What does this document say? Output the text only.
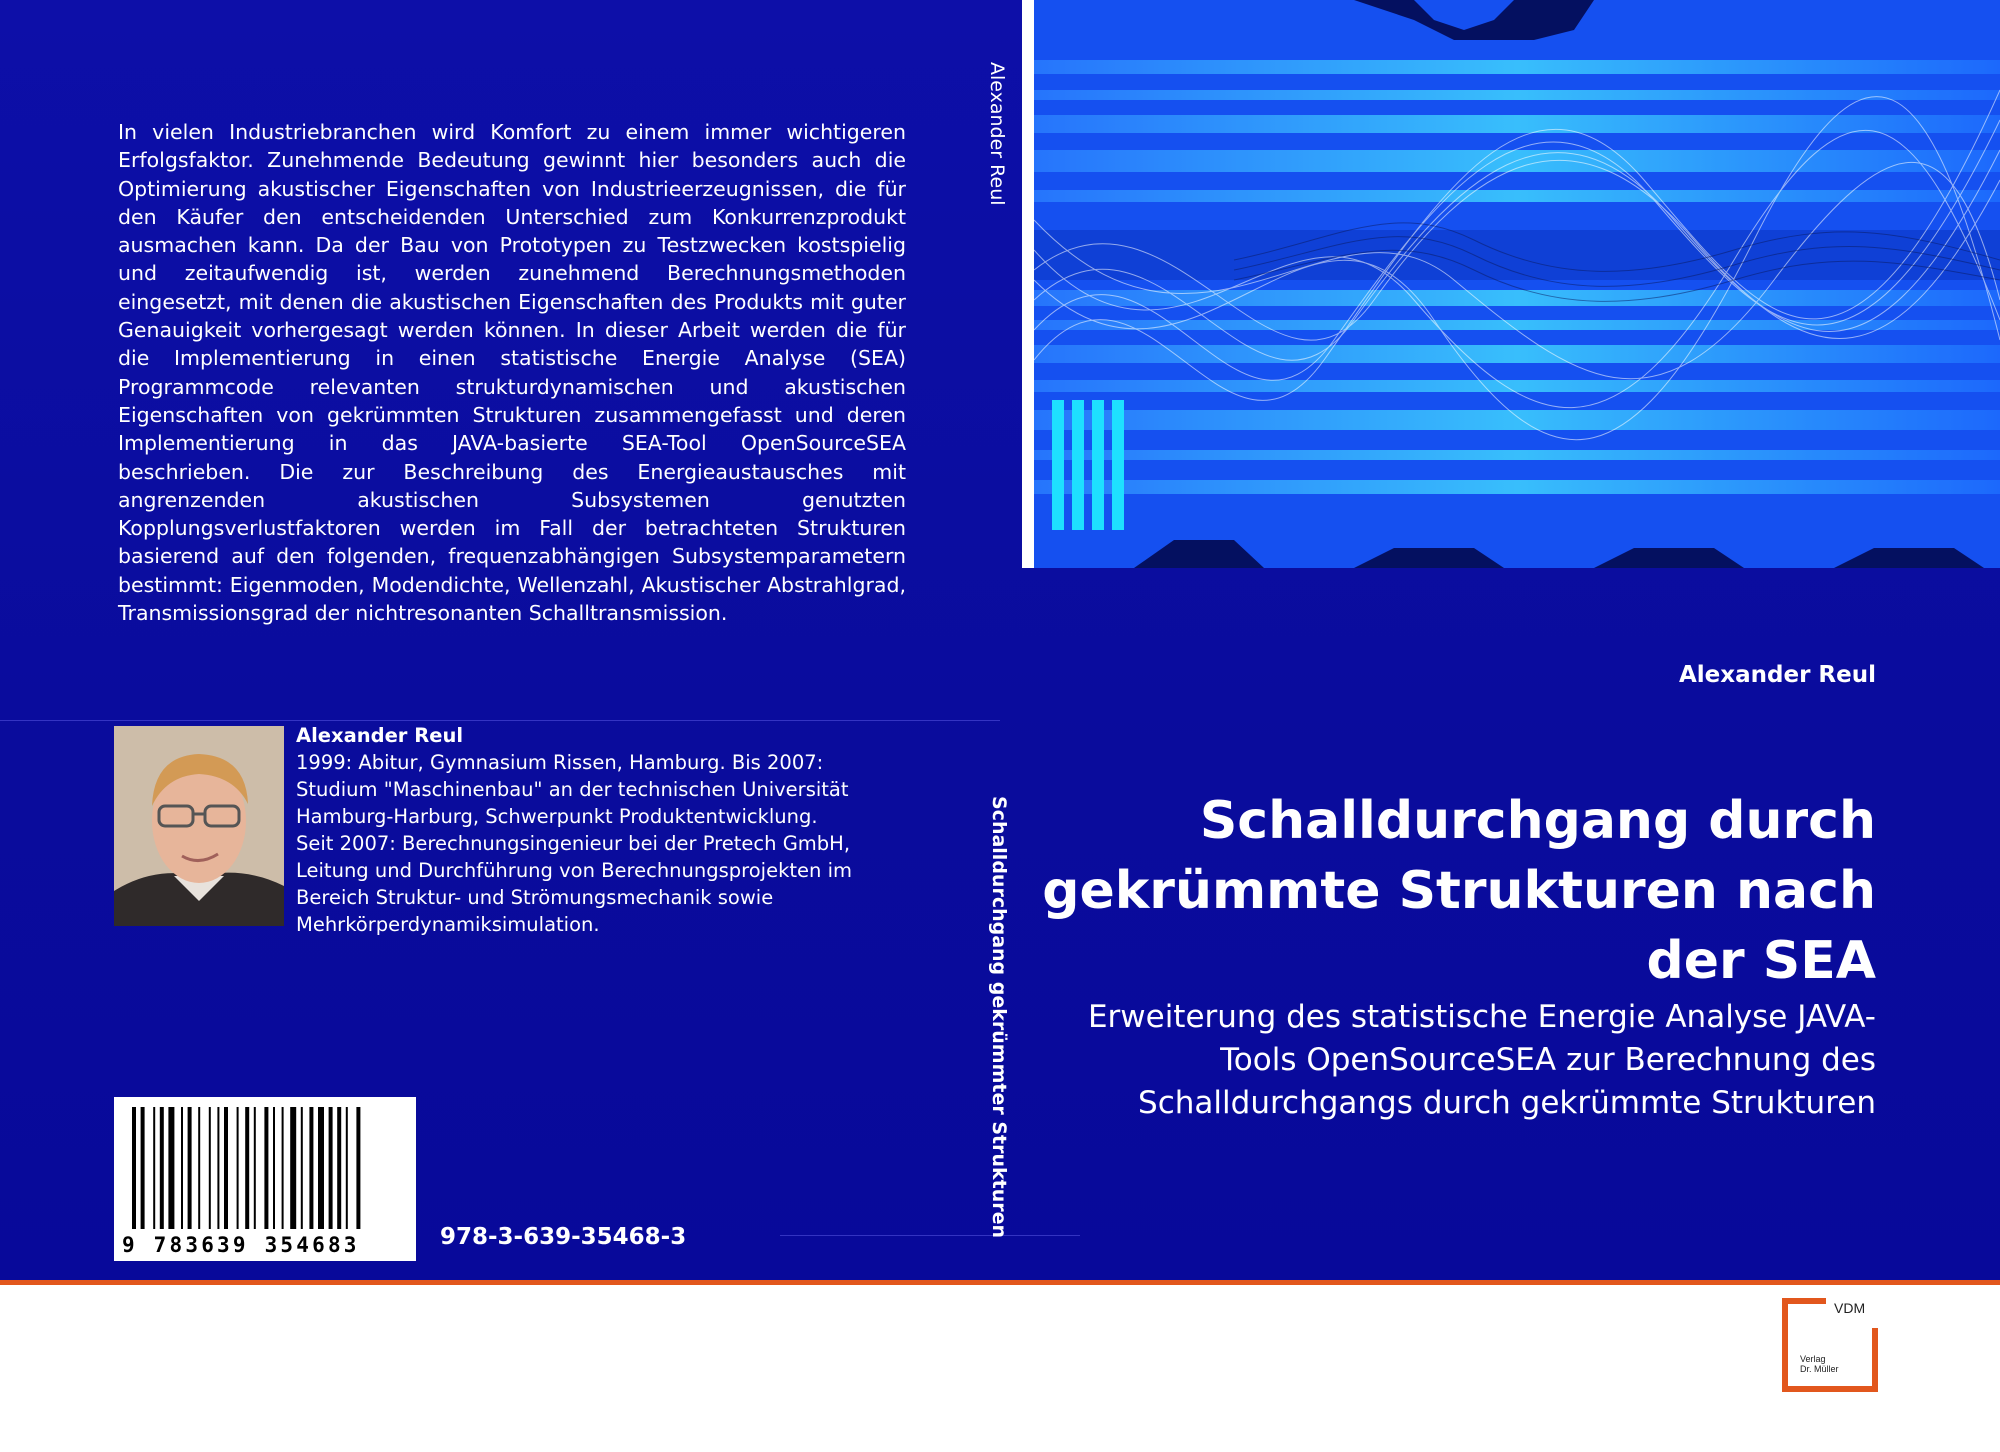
In vielen Industriebranchen wird Komfort zu einem immer wichtigeren Erfolgsfaktor. Zunehmende Bedeutung gewinnt hier besonders auch die Optimierung akustischer Eigenschaften von Industrieerzeugnissen, die für den Käufer den entscheidenden Unterschied zum Konkurrenzprodukt ausmachen kann. Da der Bau von Prototypen zu Testzwecken kostspielig und zeitaufwendig ist, werden zunehmend Berechnungsmethoden eingesetzt, mit denen die akustischen Eigenschaften des Produkts mit guter Genauigkeit vorhergesagt werden können. In dieser Arbeit werden die für die Implementierung in einen statistische Energie Analyse (SEA) Programmcode relevanten strukturdynamischen und akustischen Eigenschaften von gekrümmten Strukturen zusammengefasst und deren Implementierung in das JAVA-basierte SEA-Tool OpenSourceSEA beschrieben. Die zur Beschreibung des Energieaustausches mit angrenzenden akustischen Subsystemen genutzten Kopplungsverlustfaktoren werden im Fall der betrachteten Strukturen basierend auf den folgenden, frequenzabhängigen Subsystemparametern bestimmt: Eigenmoden, Modendichte, Wellenzahl, Akustischer Abstrahlgrad, Transmissionsgrad der nichtresonanten Schalltransmission.
Alexander Reul
1999: Abitur, Gymnasium Rissen, Hamburg. Bis 2007: Studium "Maschinenbau" an der technischen Universität Hamburg-Harburg, Schwerpunkt Produktentwicklung. Seit 2007: Berechnungsingenieur bei der Pretech GmbH, Leitung und Durchführung von Berechnungsprojekten im Bereich Struktur- und Strömungsmechanik sowie Mehrkörperdynamiksimulation.
9 783639 354683	978-3-639-35468-3
Alexander Reul
Schalldurchgang gekrümmter Strukturen
Alexander Reul
Schalldurchgang durch gekrümmte Strukturen nach der SEA
Erweiterung des statistische Energie Analyse JAVA-Tools OpenSourceSEA zur Berechnung des Schalldurchgangs durch gekrümmte Strukturen
VDM
Verlag
Dr. Müller
